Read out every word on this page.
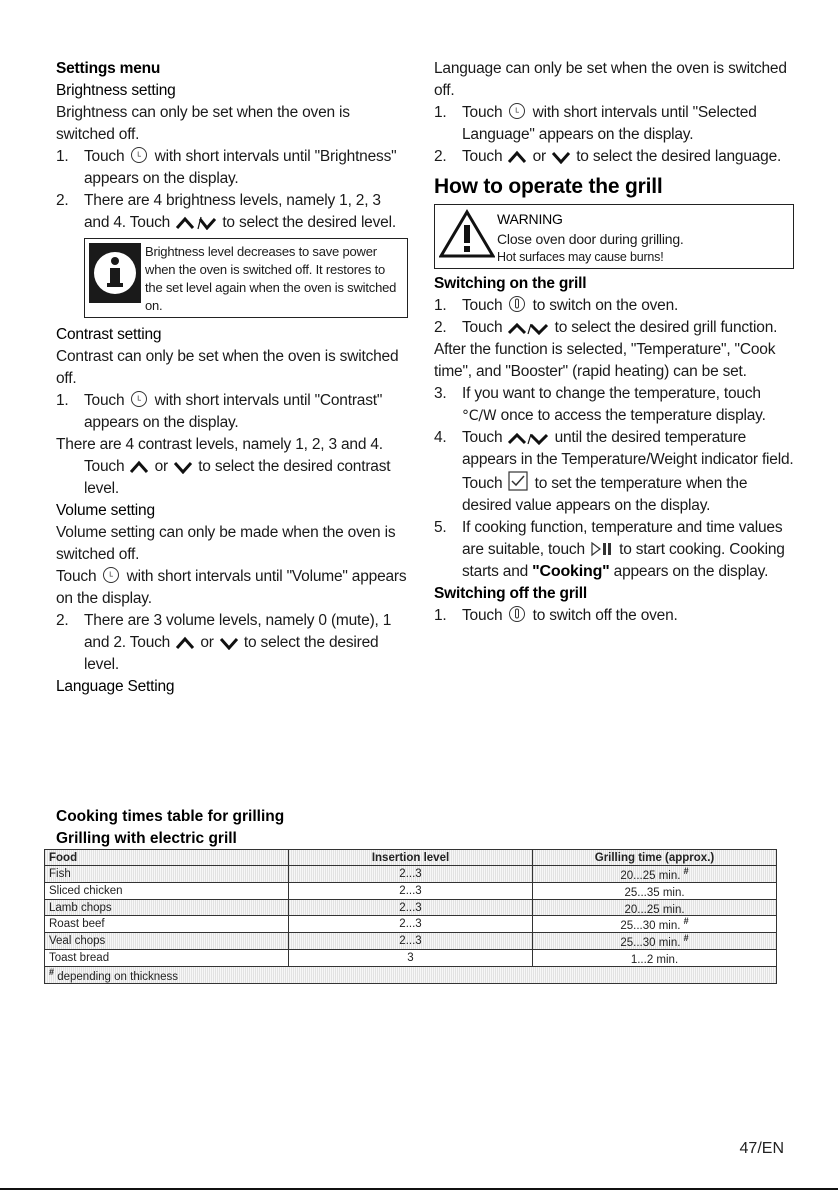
Settings menu

Brightness setting

Brightness can only be set when the oven is switched off.

1. Touch L with short intervals until "Brightness" appears on the display.
2. There are 4 brightness levels, namely 1, 2, 3 and 4. Touch	to select the desired level.
Brightness level decreases to save power when the oven is switched off. It restores to the set level again when the oven is switched on.

Contrast setting

Contrast can only be set when the oven is switched off.

1. Touch L with short intervals until "Contrast" appears on the display.

There are 4 contrast levels, namely 1, 2, 3 and 4.

Touch or to select the desired contrast level.

Volume setting

Volume setting can only be made when the oven is switched off.

Touch L with short intervals until "Volume" appears on the display.

2. There are 3 volume levels, namely 0 (mute), 1 and 2. Touch or to select the desired level.

Language Setting

Language can only be set when the oven is switched off.

1. Touch L with short intervals until "Selected Language" appears on the display.
2. Touch or to select the desired language.

How to operate the grill

WARNING
Close oven door during grilling.
Hot surfaces may cause burns!

Switching on the grill

1. Touch to switch on the oven.
2. Touch	to select the desired grill function.

After the function is selected, "Temperature", "Cook time", and "Booster" (rapid heating) can be set.

3. If you want to change the temperature, touch °C/W once to access the temperature display.
4. Touch	until the desired temperature appears in the Temperature/Weight indicator field. Touch to set the temperature when the desired value appears on the display.
5. If cooking function, temperature and time values are suitable, touch to start cooking. Cooking starts and "Cooking" appears on the display.

Switching off the grill

1. Touch to switch off the oven.
Cooking times table for grilling
Grilling with electric grill
Food	Insertion level	Grilling time (approx.)
Fish	2...3	20...25 min. #
Sliced chicken	2...3	25...35 min.
Lamb chops	2...3	20...25 min.
Roast beef	2...3	25...30 min. #
Veal chops	2...3	25...30 min. #
Toast bread	3	1...2 min.
# depending on thickness		
47/EN
